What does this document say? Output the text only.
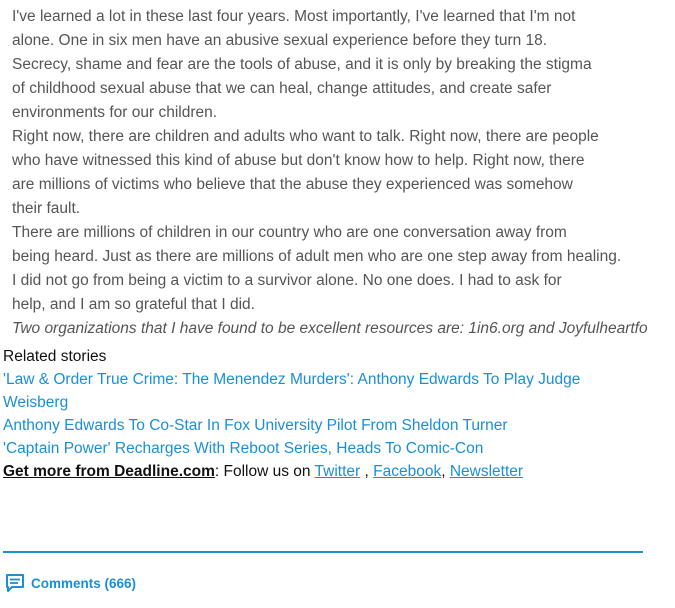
I've learned a lot in these last four years. Most importantly, I've learned that I'm not

alone. One in six men have an abusive sexual experience before they turn 18.

Secrecy, shame and fear are the tools of abuse, and it is only by breaking the stigma

of childhood sexual abuse that we can heal, change attitudes, and create safer

environments for our children.

Right now, there are children and adults who want to talk. Right now, there are people

who have witnessed this kind of abuse but don't know how to help. Right now, there

are millions of victims who believe that the abuse they experienced was somehow

their fault.

There are millions of children in our country who are one conversation away from

being heard. Just as there are millions of adult men who are one step away from healing.

I did not go from being a victim to a survivor alone. No one does. I had to ask for

help, and I am so grateful that I did.

Two organizations that I have found to be excellent resources are: 1in6.org and Joyfulheartfo

Related stories
'Law & Order True Crime: The Menendez Murders': Anthony Edwards To Play Judge
Weisberg
Anthony Edwards To Co-Star In Fox University Pilot From Sheldon Turner
'Captain Power' Recharges With Reboot Series, Heads To Comic-Con
Get more from Deadline.com: Follow us on Twitter , Facebook, Newsletter
Comments (666)
